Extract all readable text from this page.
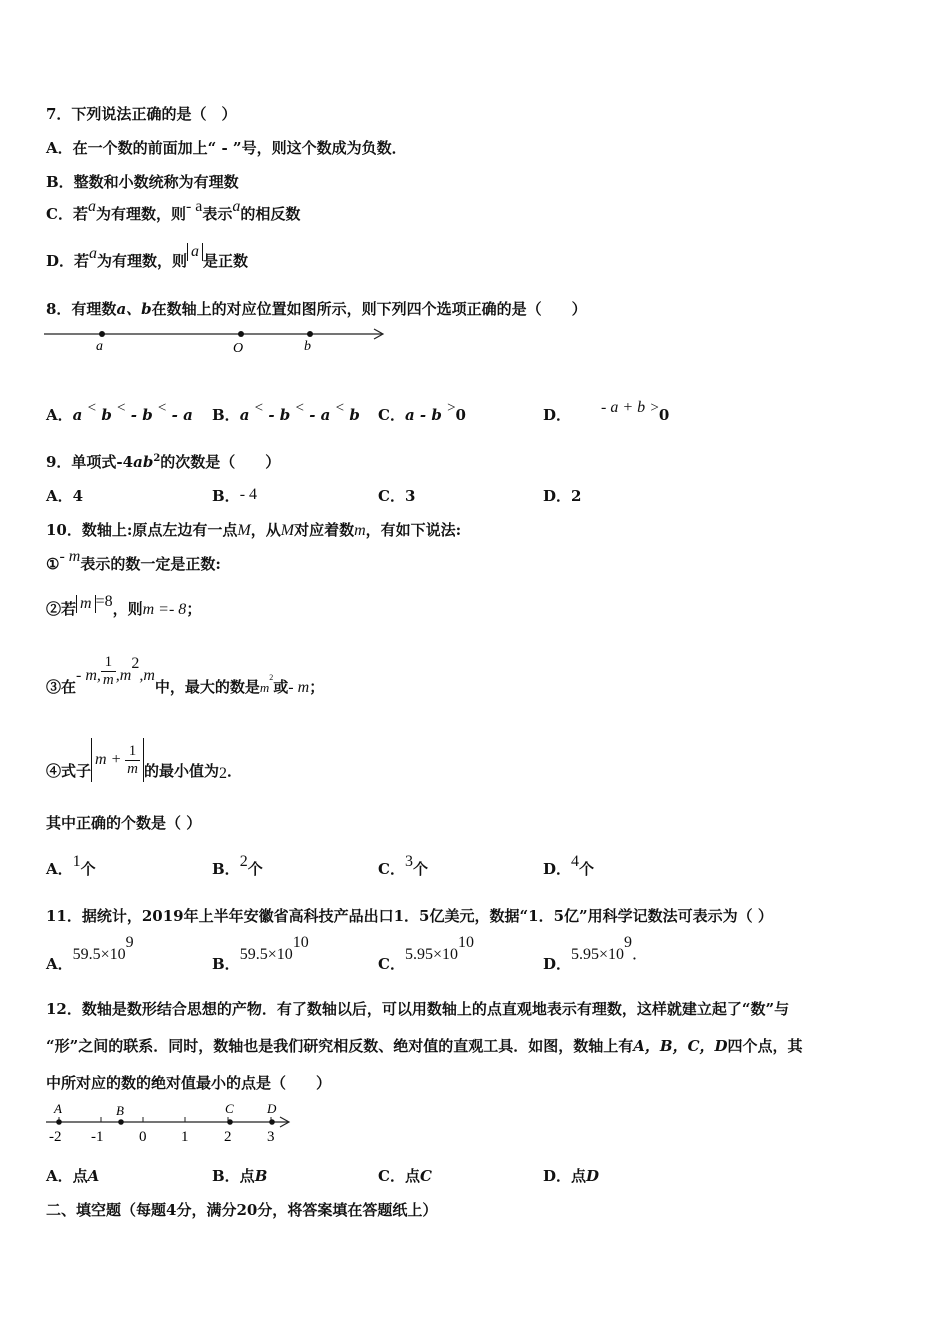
7．下列说法正确的是（　）
A．在一个数的前面加上“ - ”号，则这个数成为负数．
B．整数和小数统称为有理数
C．若a为有理数，则- a表示a的相反数
D．若a为有理数，则a是正数
8．有理数a、b在数轴上的对应位置如图所示，则下列四个选项正确的是（　　）
a	O	b
A．a < b < - b < - a B．a < - b < - a < b C．a - b >0	D． - a + b >0
9．单项式$-4ab^2$的次数是（　　）
A．4	B．- 4	C．3	D．2
10．数轴上:原点左边有一点M，从M对应着数m，有如下说法:
①- m表示的数一定是正数:
②若 m =8，则m =- 8；
③在- m, $\frac{1}{m} ,m^2,m$中，最大的数是$m^2$或- m；
④式子$m + \frac{1}{m}$ 的最小值为2．
其中正确的个数是（ ）
A．1个	B．2个	C．3个	D．4个
11．据统计，2019年上半年安徽省高科技产品出口1．5亿美元，数据“1．5亿”用科学记数法可表示为（ ）
A．$59.5\times 10^9$
B．$59.5\times 10^{10}$
C．$5.95\times 10^{10}$
D．$5.95\times 10^9$．
12．数轴是数形结合思想的产物．有了数轴以后，可以用数轴上的点直观地表示有理数，这样就建立起了“数”与
“形”之间的联系．同时，数轴也是我们研究相反数、绝对值的直观工具．如图，数轴上有A，B，C，D四个点，其
中所对应的数的绝对值最小的点是（　　）
A	B	C	D
-2 -1 0 1 2 3
A．点A	B．点B	C．点C	D．点D
二、填空题（每题4分，满分20分，将答案填在答题纸上）
